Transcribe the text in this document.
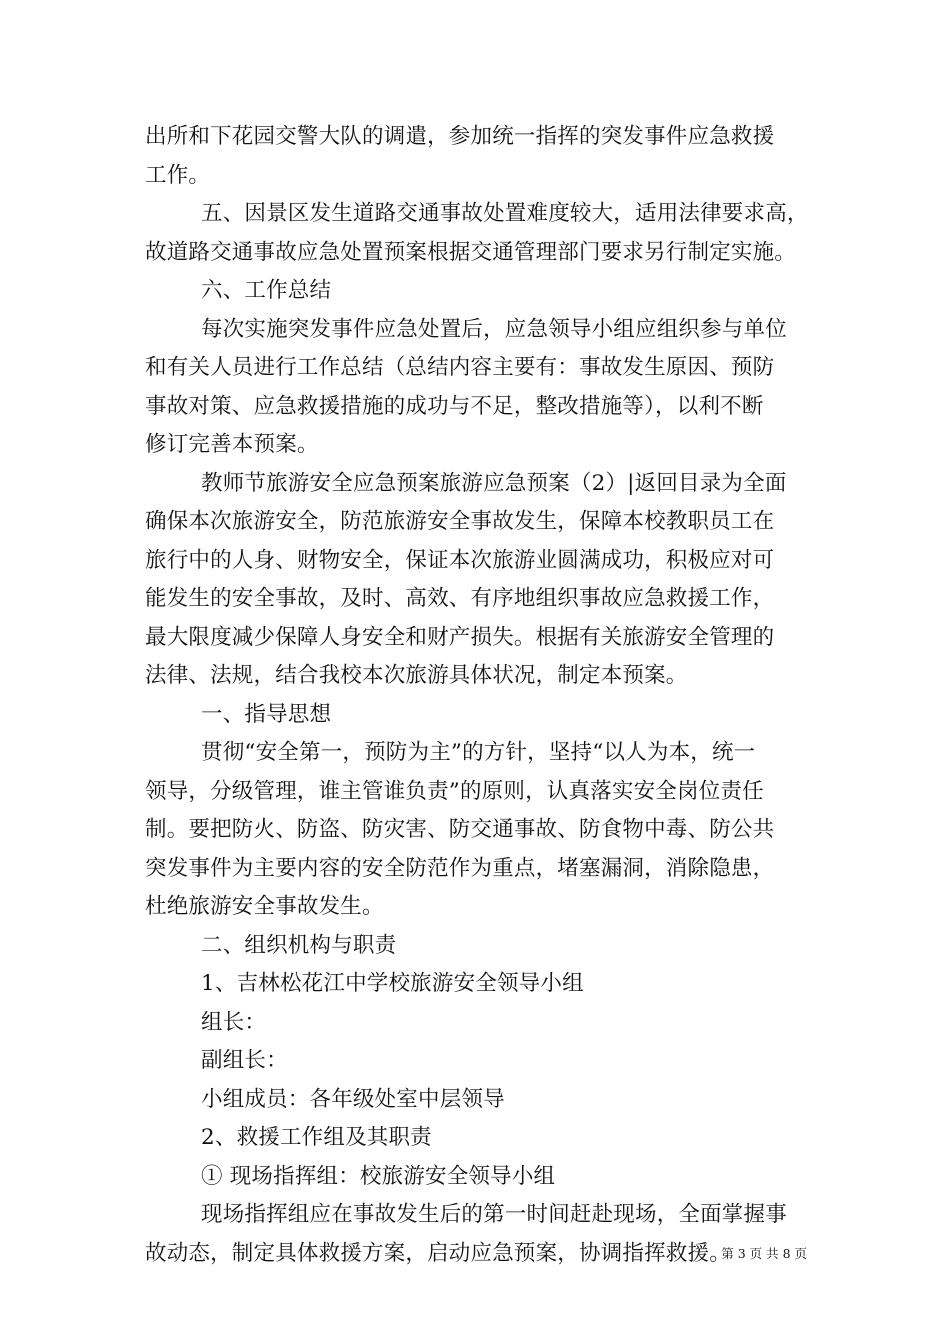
出所和下花园交警大队的调遣，参加统一指挥的突发事件应急救援
工作。
五、因景区发生道路交通事故处置难度较大，适用法律要求高，
故道路交通事故应急处置预案根据交通管理部门要求另行制定实施。
六、工作总结
每次实施突发事件应急处置后，应急领导小组应组织参与单位
和有关人员进行工作总结（总结内容主要有：事故发生原因、预防
事故对策、应急救援措施的成功与不足，整改措施等），以利不断
修订完善本预案。
教师节旅游安全应急预案旅游应急预案（2）|返回目录为全面
确保本次旅游安全，防范旅游安全事故发生，保障本校教职员工在
旅行中的人身、财物安全，保证本次旅游业圆满成功，积极应对可
能发生的安全事故，及时、高效、有序地组织事故应急救援工作，
最大限度减少保障人身安全和财产损失。根据有关旅游安全管理的
法律、法规，结合我校本次旅游具体状况，制定本预案。
一、指导思想
贯彻“安全第一，预防为主”的方针，坚持“以人为本，统一
领导，分级管理，谁主管谁负责”的原则，认真落实安全岗位责任
制。要把防火、防盗、防灾害、防交通事故、防食物中毒、防公共
突发事件为主要内容的安全防范作为重点，堵塞漏洞，消除隐患，
杜绝旅游安全事故发生。
二、组织机构与职责
1、吉林松花江中学校旅游安全领导小组
组长：
副组长：
小组成员：各年级处室中层领导
2、救援工作组及其职责
① 现场指挥组：校旅游安全领导小组
现场指挥组应在事故发生后的第一时间赶赴现场，全面掌握事
故动态，制定具体救援方案，启动应急预案，协调指挥救援。
第 3 页 共 8 页
